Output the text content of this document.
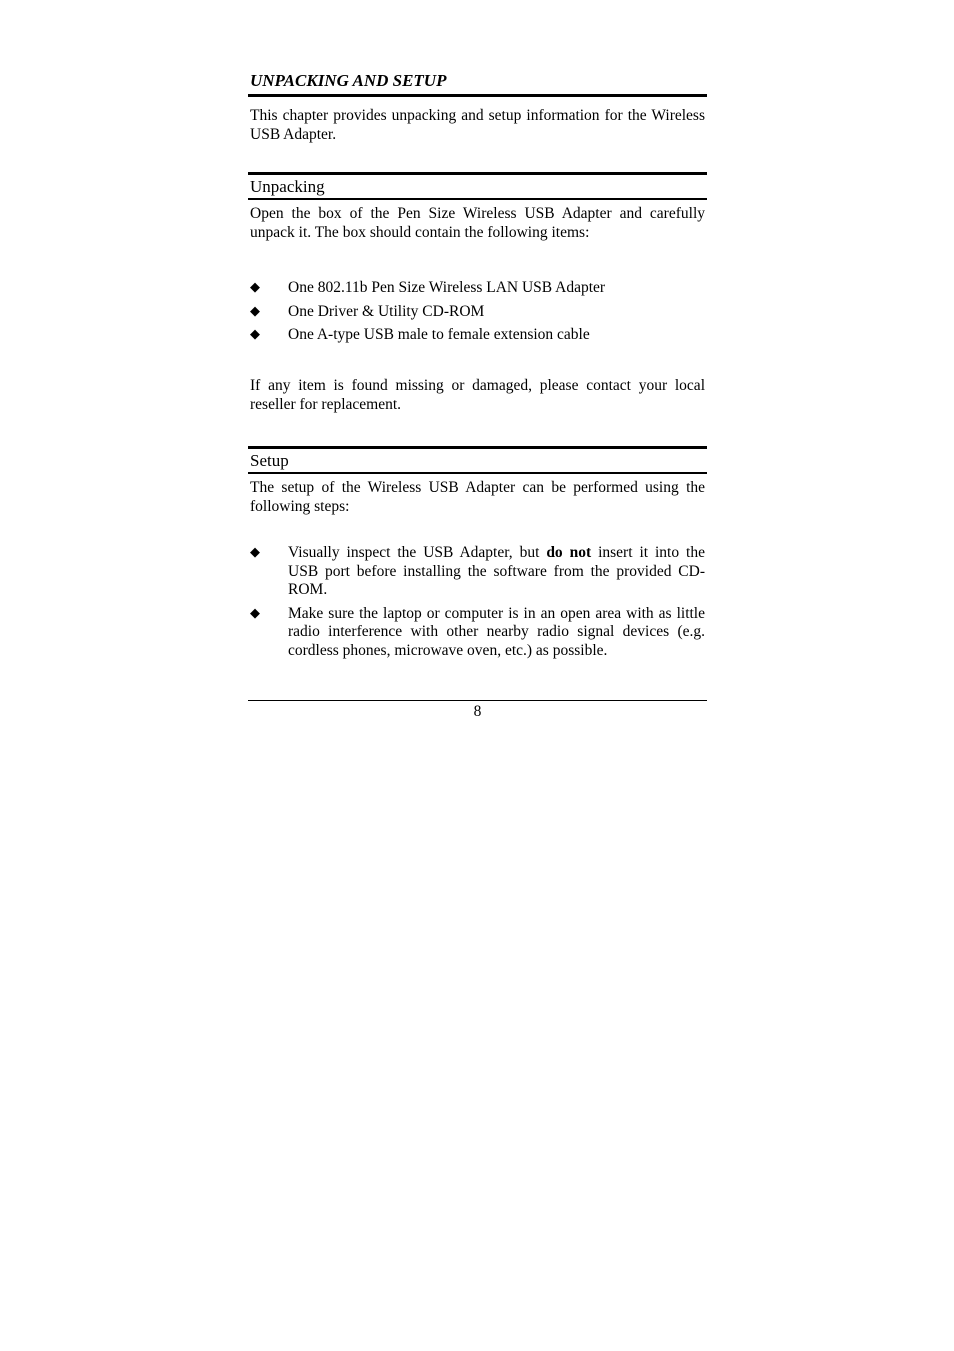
UNPACKING AND SETUP

This chapter provides unpacking and setup information for the Wireless USB Adapter.

Unpacking

Open the box of the Pen Size Wireless USB Adapter and carefully unpack it. The box should contain the following items:

◆ One 802.11b Pen Size Wireless LAN USB Adapter
◆ One Driver & Utility CD-ROM
◆ One A-type USB male to female extension cable

If any item is found missing or damaged, please contact your local reseller for replacement.

Setup

The setup of the Wireless USB Adapter can be performed using the following steps:

◆ Visually inspect the USB Adapter, but do not insert it into the USB port before installing the software from the provided CD-ROM.
◆ Make sure the laptop or computer is in an open area with as little radio interference with other nearby radio signal devices (e.g. cordless phones, microwave oven, etc.) as possible.
8
